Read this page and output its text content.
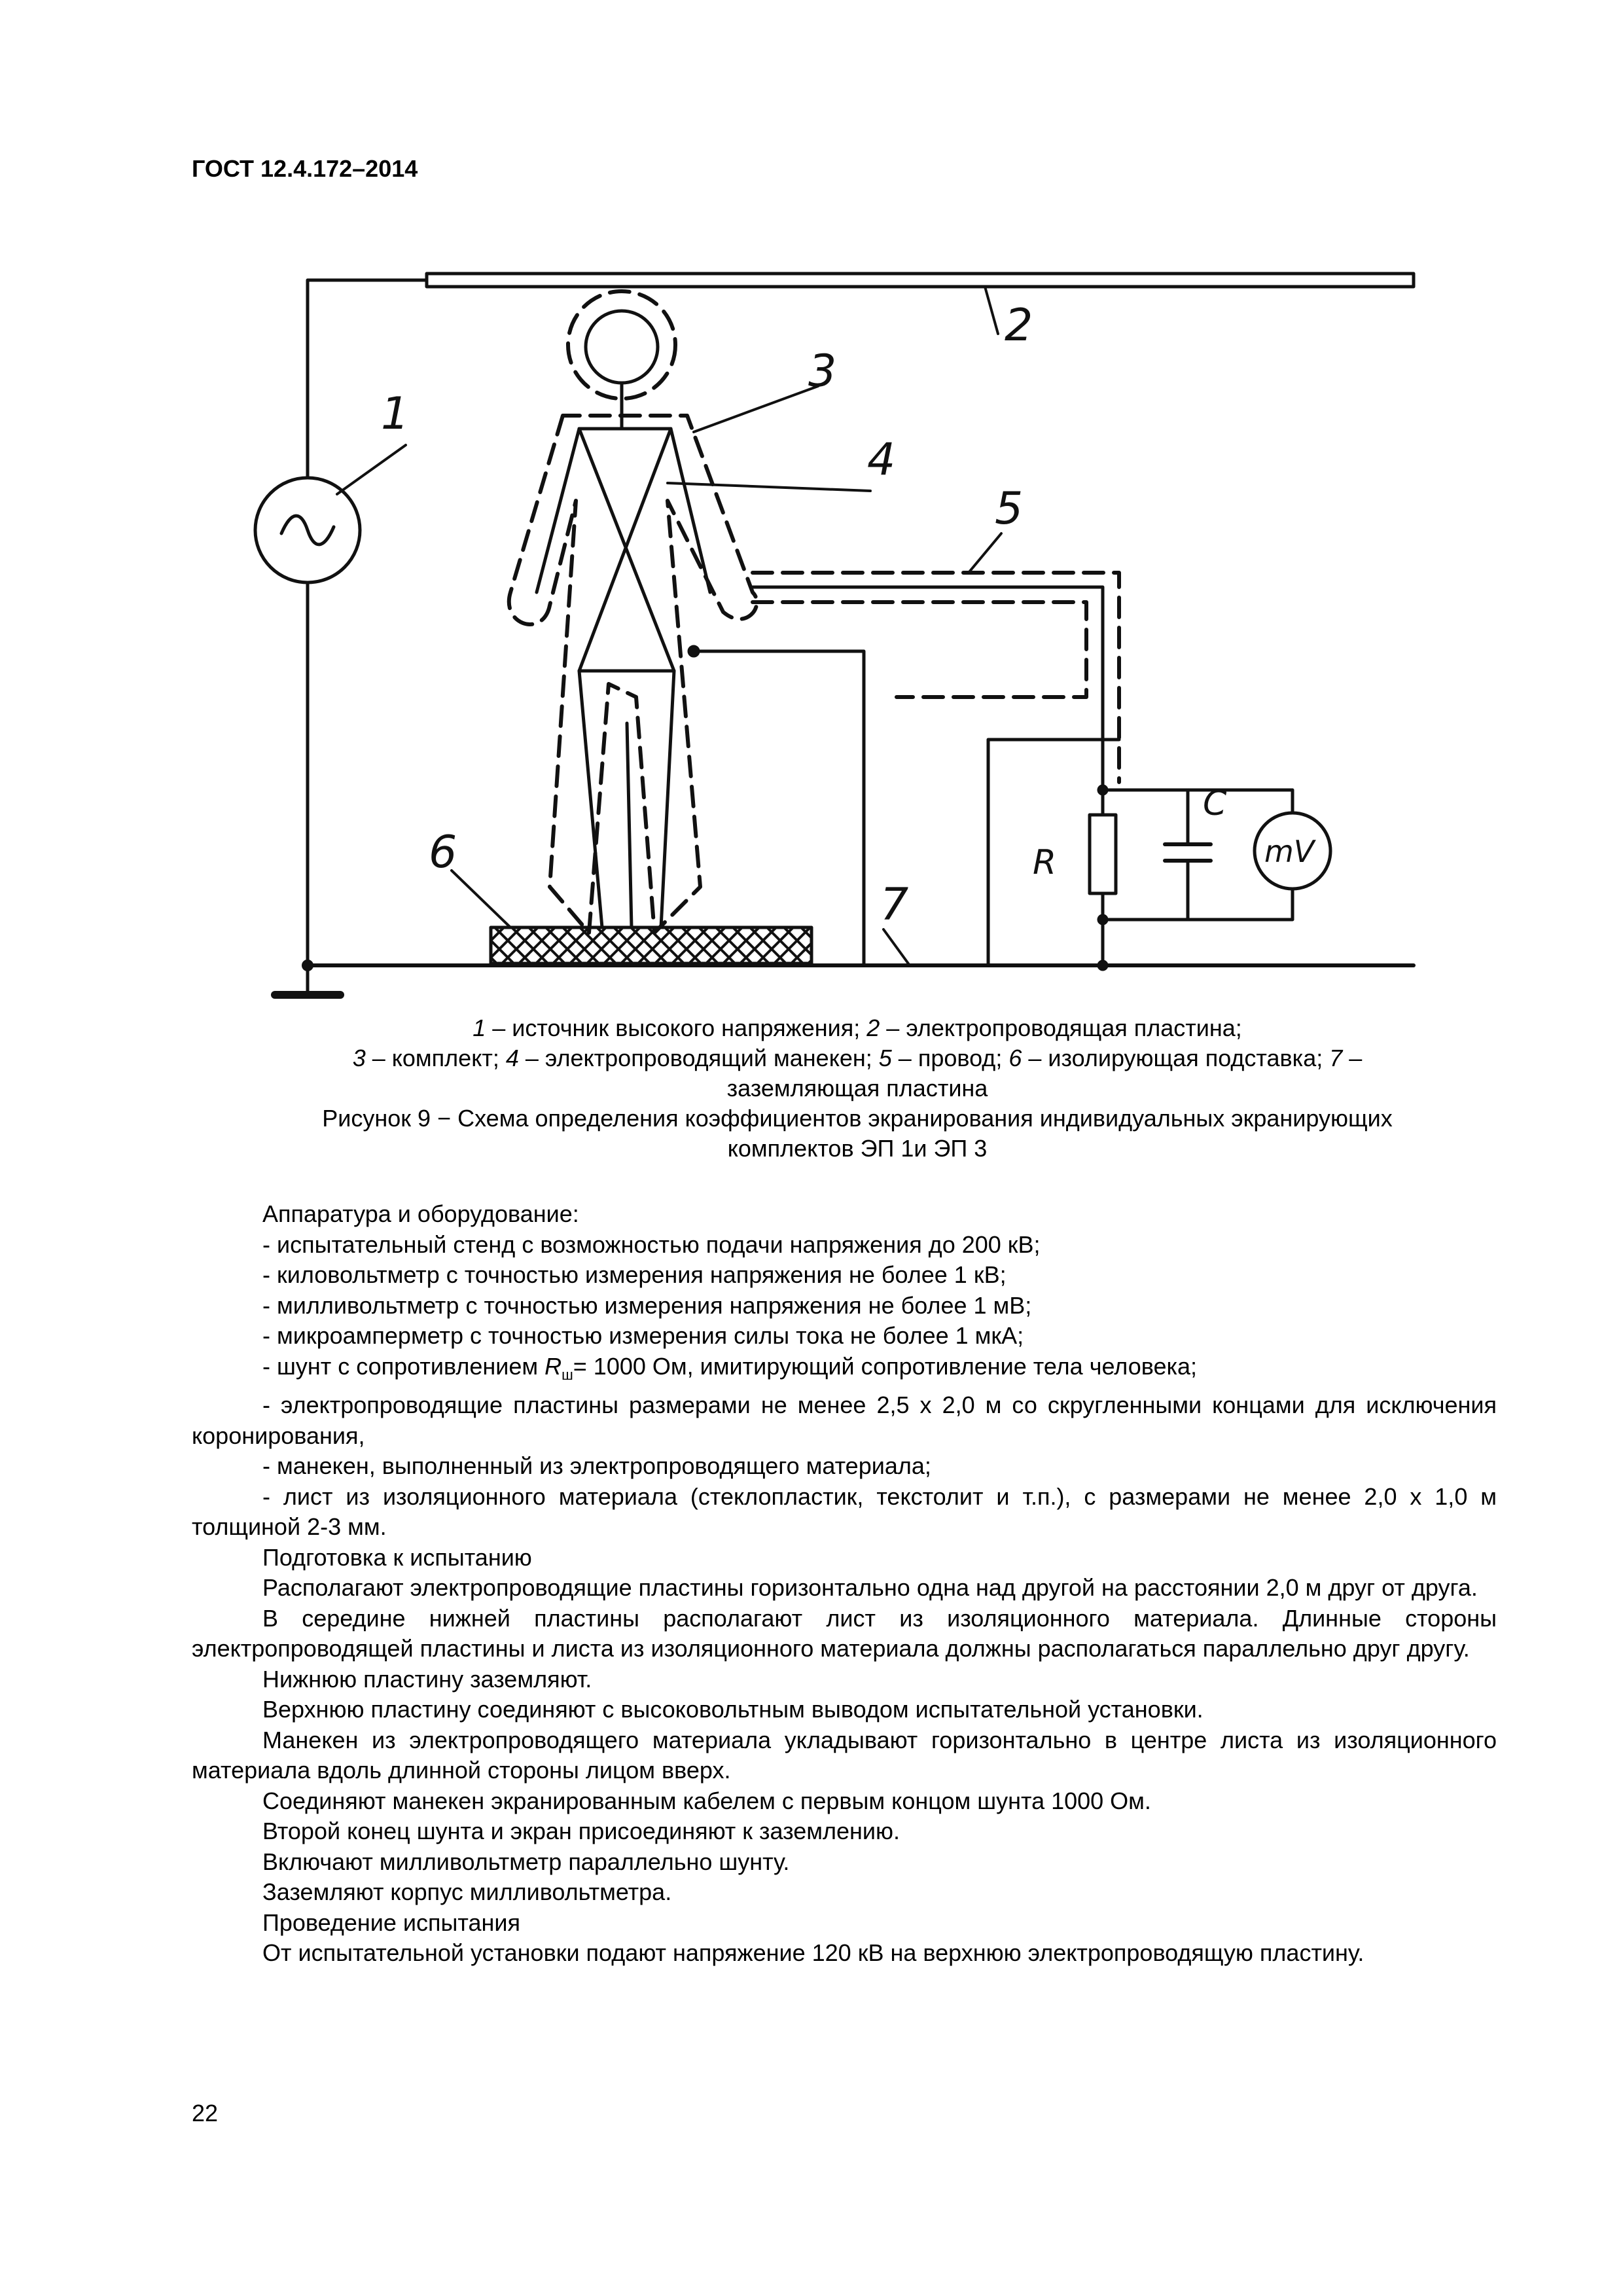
ГОСТ 12.4.172–2014
1
2
3
4
5
6
7
R
C
mV
1 – источник высокого напряжения; 2 – электропроводящая пластина;
3 – комплект; 4 – электропроводящий манекен; 5 – провод; 6 – изолирующая подставка; 7 –
заземляющая пластина
Рисунок 9 − Схема определения коэффициентов экранирования индивидуальных экранирующих
комплектов ЭП 1и ЭП 3

Аппаратура и оборудование:

- испытательный стенд с возможностью подачи напряжения до 200 кВ;

- киловольтметр с точностью измерения напряжения не более 1 кВ;

- милливольтметр с точностью измерения напряжения не более 1 мВ;

- микроамперметр с точностью измерения силы тока не более 1 мкА;

- шунт с сопротивлением $R_ш= 1000$ Ом, имитирующий сопротивление тела человека;

- электропроводящие пластины размерами не менее 2,5 х 2,0 м со скругленными концами для исключения коронирования,

- манекен, выполненный из электропроводящего материала;

- лист из изоляционного материала (стеклопластик, текстолит и т.п.), с размерами не менее 2,0 х 1,0 м толщиной 2-3 мм.

Подготовка к испытанию

Располагают электропроводящие пластины горизонтально одна над другой на расстоянии 2,0 м друг от друга.

В середине нижней пластины располагают лист из изоляционного материала. Длинные стороны электропроводящей пластины и листа из изоляционного материала должны располагаться параллельно друг другу.

Нижнюю пластину заземляют.

Верхнюю пластину соединяют с высоковольтным выводом испытательной установки.

Манекен из электропроводящего материала укладывают горизонтально в центре листа из изоляционного материала вдоль длинной стороны лицом вверх.

Соединяют манекен экранированным кабелем с первым концом шунта 1000 Ом.

Второй конец шунта и экран присоединяют к заземлению.

Включают милливольтметр параллельно шунту.

Заземляют корпус милливольтметра.

Проведение испытания

От испытательной установки подают напряжение 120 кВ на верхнюю электропроводящую пластину.

22
